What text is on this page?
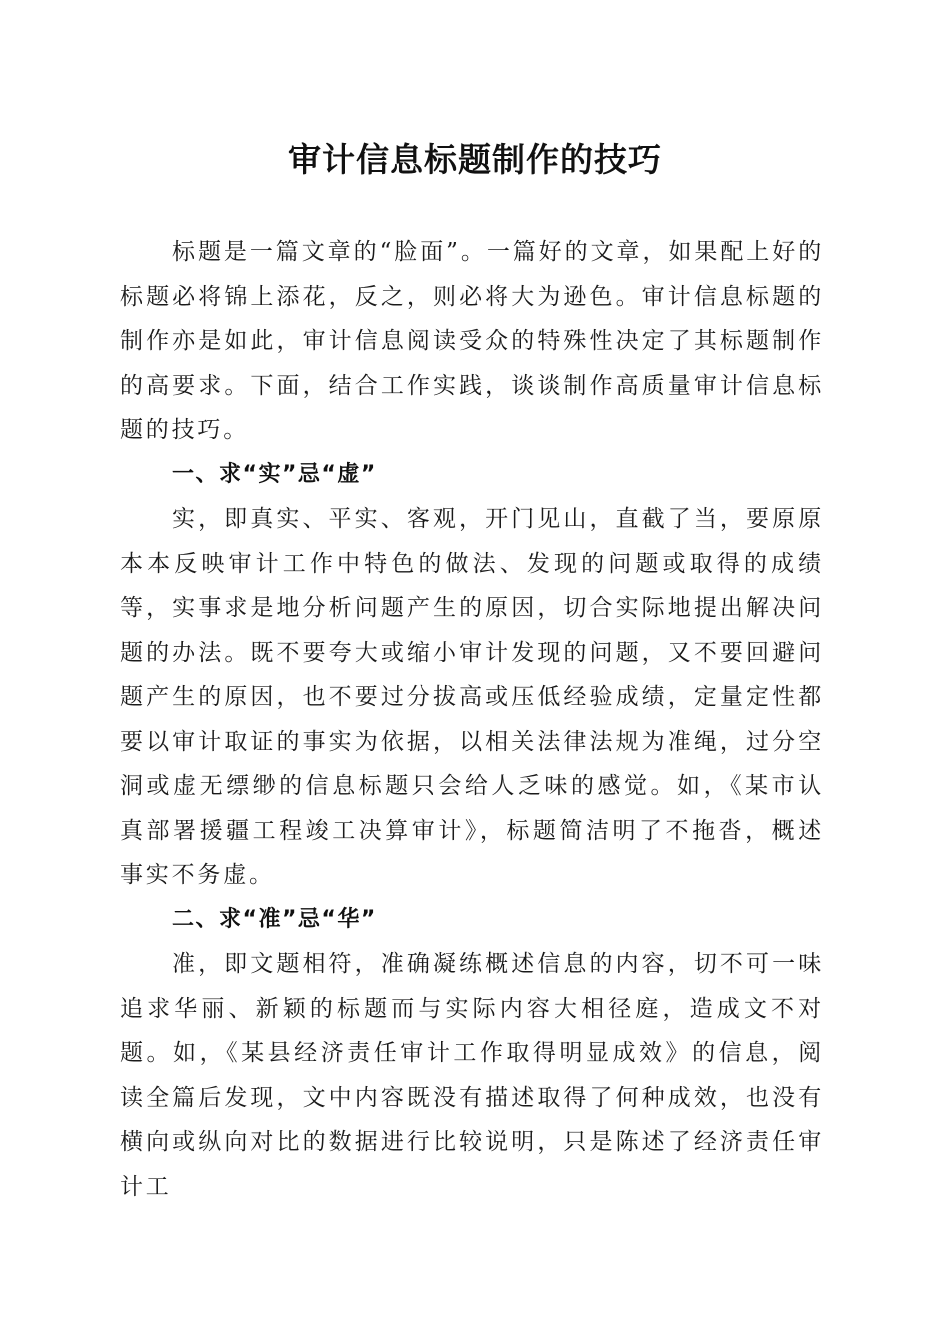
审计信息标题制作的技巧

标题是一篇文章的“脸面”。一篇好的文章，如果配上好的标题必将锦上添花，反之，则必将大为逊色。审计信息标题的制作亦是如此，审计信息阅读受众的特殊性决定了其标题制作的高要求。下面，结合工作实践，谈谈制作高质量审计信息标题的技巧。

一、求“实”忌“虚”

实，即真实、平实、客观，开门见山，直截了当，要原原本本反映审计工作中特色的做法、发现的问题或取得的成绩等，实事求是地分析问题产生的原因，切合实际地提出解决问题的办法。既不要夸大或缩小审计发现的问题，又不要回避问题产生的原因，也不要过分拔高或压低经验成绩，定量定性都要以审计取证的事实为依据，以相关法律法规为准绳，过分空洞或虚无缥缈的信息标题只会给人乏味的感觉。如，《某市认真部署援疆工程竣工决算审计》，标题简洁明了不拖沓，概述事实不务虚。

二、求“准”忌“华”

准，即文题相符，准确凝练概述信息的内容，切不可一味追求华丽、新颖的标题而与实际内容大相径庭，造成文不对题。如，《某县经济责任审计工作取得明显成效》的信息，阅读全篇后发现，文中内容既没有描述取得了何种成效，也没有横向或纵向对比的数据进行比较说明，只是陈述了经济责任审计工
